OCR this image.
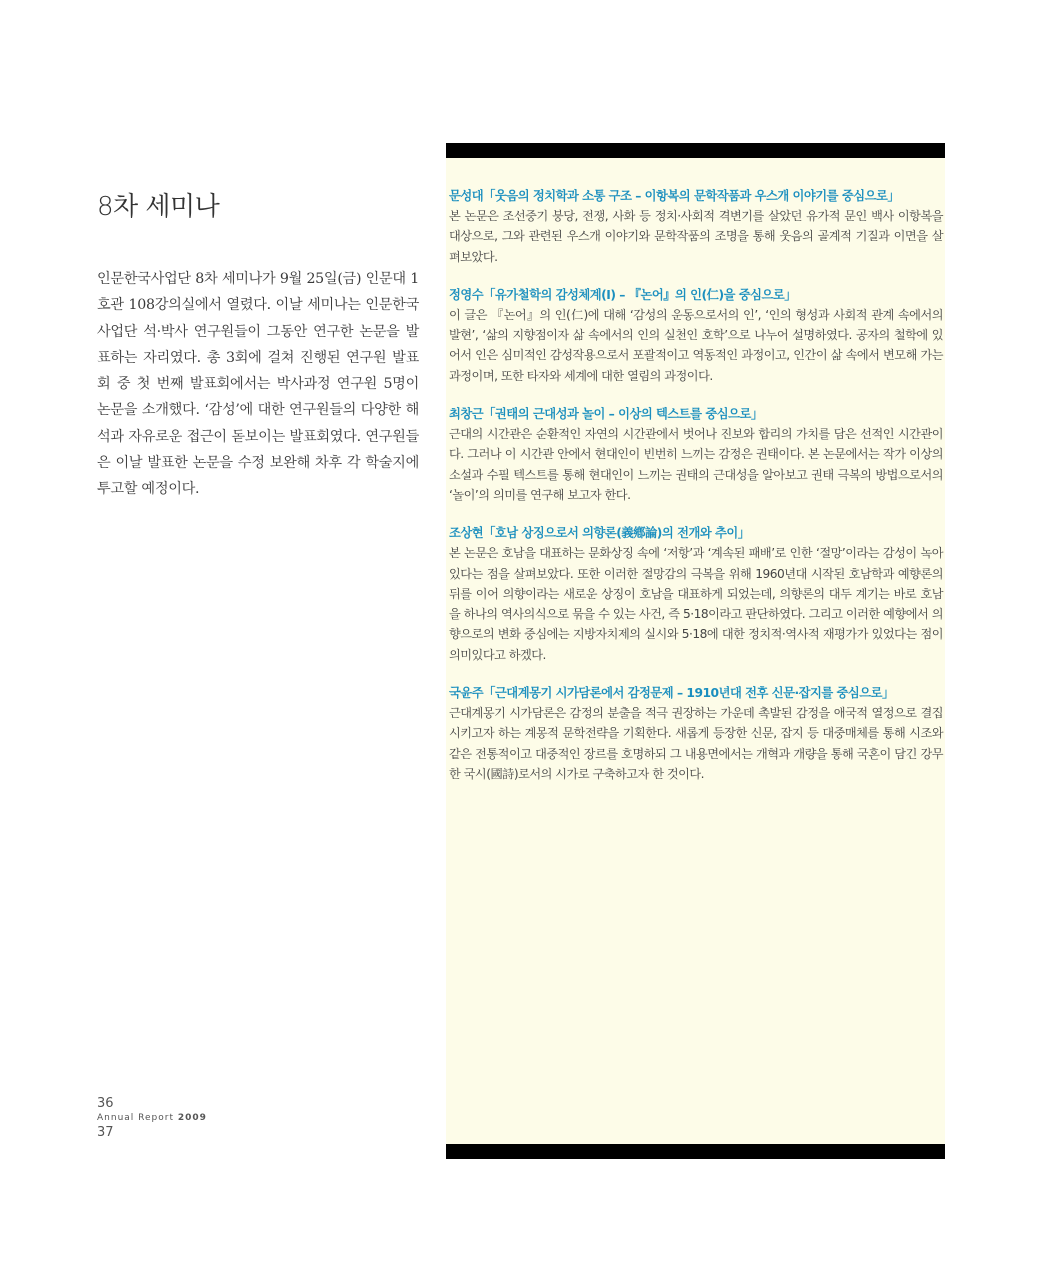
8차 세미나
인문한국사업단 8차 세미나가 9월 25일(금) 인문대 1호관 108강의실에서 열렸다. 이날 세미나는 인문한국사업단 석·박사 연구원들이 그동안 연구한 논문을 발표하는 자리였다. 총 3회에 걸쳐 진행된 연구원 발표회 중 첫 번째 발표회에서는 박사과정 연구원 5명이 논문을 소개했다. ‘감성’에 대한 연구원들의 다양한 해석과 자유로운 접근이 돋보이는 발표회였다. 연구원들은 이날 발표한 논문을 수정 보완해 차후 각 학술지에 투고할 예정이다.
문성대「웃음의 정치학과 소통 구조 – 이항복의 문학작품과 우스개 이야기를 중심으로」
본 논문은 조선중기 붕당, 전쟁, 사화 등 정치·사회적 격변기를 살았던 유가적 문인 백사 이항복을 대상으로, 그와 관련된 우스개 이야기와 문학작품의 조명을 통해 웃음의 골계적 기질과 이면을 살펴보았다.
정영수「유가철학의 감성체계(I) – 『논어』의 인(仁)을 중심으로」
이 글은 『논어』의 인(仁)에 대해 ‘감성의 운동으로서의 인’, ‘인의 형성과 사회적 관계 속에서의 발현’, ‘삶의 지향점이자 삶 속에서의 인의 실천인 호학’으로 나누어 설명하였다. 공자의 철학에 있어서 인은 심미적인 감성작용으로서 포괄적이고 역동적인 과정이고, 인간이 삶 속에서 변모해 가는 과정이며, 또한 타자와 세계에 대한 열림의 과정이다.
최창근「권태의 근대성과 놀이 – 이상의 텍스트를 중심으로」
근대의 시간관은 순환적인 자연의 시간관에서 벗어나 진보와 합리의 가치를 담은 선적인 시간관이다. 그러나 이 시간관 안에서 현대인이 빈번히 느끼는 감정은 권태이다. 본 논문에서는 작가 이상의 소설과 수필 텍스트를 통해 현대인이 느끼는 권태의 근대성을 알아보고 권태 극복의 방법으로서의 ‘놀이’의 의미를 연구해 보고자 한다.
조상현「호남 상징으로서 의향론(義鄕論)의 전개와 추이」
본 논문은 호남을 대표하는 문화상징 속에 ‘저항’과 ‘계속된 패배’로 인한 ‘절망’이라는 감성이 녹아있다는 점을 살펴보았다. 또한 이러한 절망감의 극복을 위해 1960년대 시작된 호남학과 예향론의 뒤를 이어 의향이라는 새로운 상징이 호남을 대표하게 되었는데, 의향론의 대두 계기는 바로 호남을 하나의 역사의식으로 묶을 수 있는 사건, 즉 5·18이라고 판단하였다. 그리고 이러한 예향에서 의향으로의 변화 중심에는 지방자치제의 실시와 5·18에 대한 정치적·역사적 재평가가 있었다는 점이 의미있다고 하겠다.
국윤주「근대계몽기 시가담론에서 감정문제 – 1910년대 전후 신문·잡지를 중심으로」
근대계몽기 시가담론은 감정의 분출을 적극 권장하는 가운데 촉발된 감정을 애국적 열정으로 결집시키고자 하는 계몽적 문학전략을 기획한다. 새롭게 등장한 신문, 잡지 등 대중매체를 통해 시조와 같은 전통적이고 대중적인 장르를 호명하되 그 내용면에서는 개혁과 개량을 통해 국혼이 담긴 강무한 국시(國詩)로서의 시가로 구축하고자 한 것이다.
36
Annual Report 2009
37
